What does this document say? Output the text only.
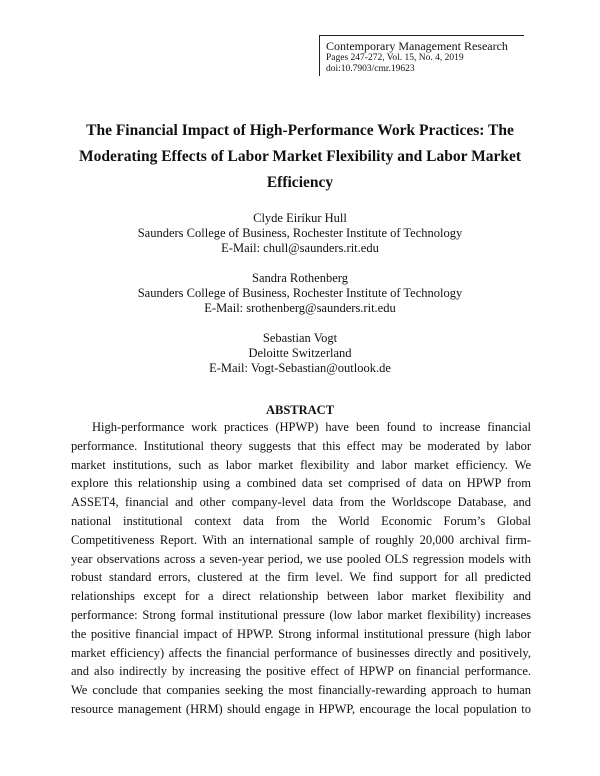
Contemporary Management Research
Pages 247-272, Vol. 15, No. 4, 2019
doi:10.7903/cmr.19623
The Financial Impact of High-Performance Work Practices: The
Moderating Effects of Labor Market Flexibility and Labor Market
Efficiency
Clyde Eiríkur Hull
Saunders College of Business, Rochester Institute of Technology
E-Mail: chull@saunders.rit.edu
Sandra Rothenberg
Saunders College of Business, Rochester Institute of Technology
E-Mail: srothenberg@saunders.rit.edu
Sebastian Vogt
Deloitte Switzerland
E-Mail: Vogt-Sebastian@outlook.de
ABSTRACT
High-performance work practices (HPWP) have been found to increase financial
performance. Institutional theory suggests that this effect may be moderated by labor
market institutions, such as labor market flexibility and labor market efficiency. We
explore this relationship using a combined data set comprised of data on HPWP from
ASSET4, financial and other company-level data from the Worldscope Database, and
national institutional context data from the World Economic Forum’s Global
Competitiveness Report. With an international sample of roughly 20,000 archival firm-
year observations across a seven-year period, we use pooled OLS regression models with
robust standard errors, clustered at the firm level. We find support for all predicted
relationships except for a direct relationship between labor market flexibility and
performance: Strong formal institutional pressure (low labor market flexibility) increases
the positive financial impact of HPWP. Strong informal institutional pressure (high labor
market efficiency) affects the financial performance of businesses directly and positively,
and also indirectly by increasing the positive effect of HPWP on financial performance.
We conclude that companies seeking the most financially-rewarding approach to human
resource management (HRM) should engage in HPWP, encourage the local population to
